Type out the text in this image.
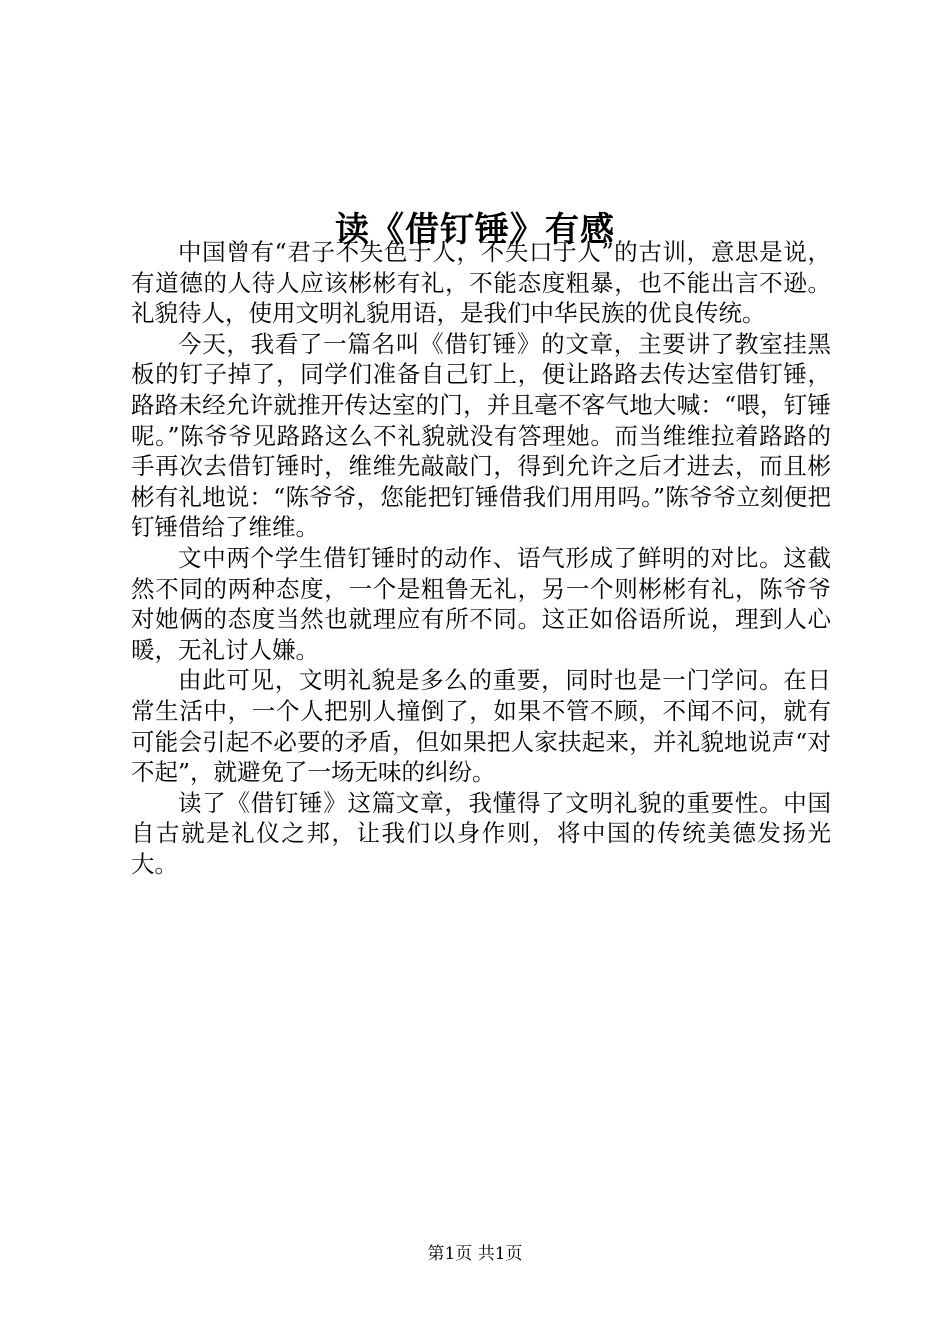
读《借钉锤》有感

中国曾有“君子不失色于人，不失口于人”的古训，意思是说，有道德的人待人应该彬彬有礼，不能态度粗暴，也不能出言不逊。礼貌待人，使用文明礼貌用语，是我们中华民族的优良传统。

今天，我看了一篇名叫《借钉锤》的文章，主要讲了教室挂黑板的钉子掉了，同学们准备自己钉上，便让路路去传达室借钉锤，路路未经允许就推开传达室的门，并且毫不客气地大喊：“喂，钉锤呢。”陈爷爷见路路这么不礼貌就没有答理她。而当维维拉着路路的手再次去借钉锤时，维维先敲敲门，得到允许之后才进去，而且彬彬有礼地说：“陈爷爷，您能把钉锤借我们用用吗。”陈爷爷立刻便把钉锤借给了维维。

文中两个学生借钉锤时的动作、语气形成了鲜明的对比。这截然不同的两种态度，一个是粗鲁无礼，另一个则彬彬有礼，陈爷爷对她俩的态度当然也就理应有所不同。这正如俗语所说，理到人心暖，无礼讨人嫌。

由此可见，文明礼貌是多么的重要，同时也是一门学问。在日常生活中，一个人把别人撞倒了，如果不管不顾，不闻不问，就有可能会引起不必要的矛盾，但如果把人家扶起来，并礼貌地说声“对不起”，就避免了一场无味的纠纷。

读了《借钉锤》这篇文章，我懂得了文明礼貌的重要性。中国自古就是礼仪之邦，让我们以身作则，将中国的传统美德发扬光大。

第1页 共1页
